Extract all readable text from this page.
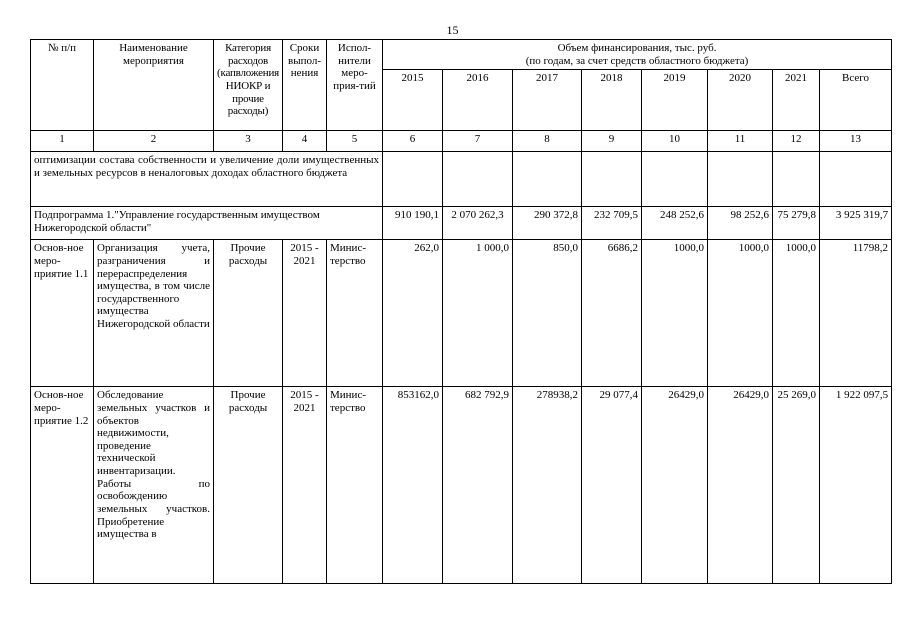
15
№ п/п	Наименование мероприятия	Категория расходов (капвложения НИОКР и прочие расходы)	Сроки выпол-нения	Испол-нители меро-прия-тий	Объем финансирования, тыс. руб.
(по годам, за счет средств областного бюджета)							

					2015	2016	2017	2018	2019	2020	2021	Всего
1	2	3	4	5	6	7	8	9	10	11	12	13
оптимизации состава собственности и увеличение доли имущественных и земельных ресурсов в неналоговых доходах областного бюджета												
Подпрограмма 1."Управление государственным имуществом Нижегородской области"					910 190,1	2 070 262,3	290 372,8	232 709,5	248 252,6	98 252,6	75 279,8	3 925 319,7
Основ-ное меро-приятие 1.1	Организация учета, разграничения и перераспределения имущества, в том числе государственного имущества Нижегородской области	Прочие расходы	2015 - 2021	Минис-терство	262,0	1 000,0	850,0	6686,2	1000,0	1000,0	1000,0	11798,2
Основ-ное меро-приятие 1.2	Обследование земельных участков и объектов недвижимости, проведение технической инвентаризации. Работы по освобождению земельных участков. Приобретение имущества в	Прочие расходы	2015 - 2021	Минис-терство	853162,0	682 792,9	278938,2	29 077,4	26429,0	26429,0	25 269,0	1 922 097,5
